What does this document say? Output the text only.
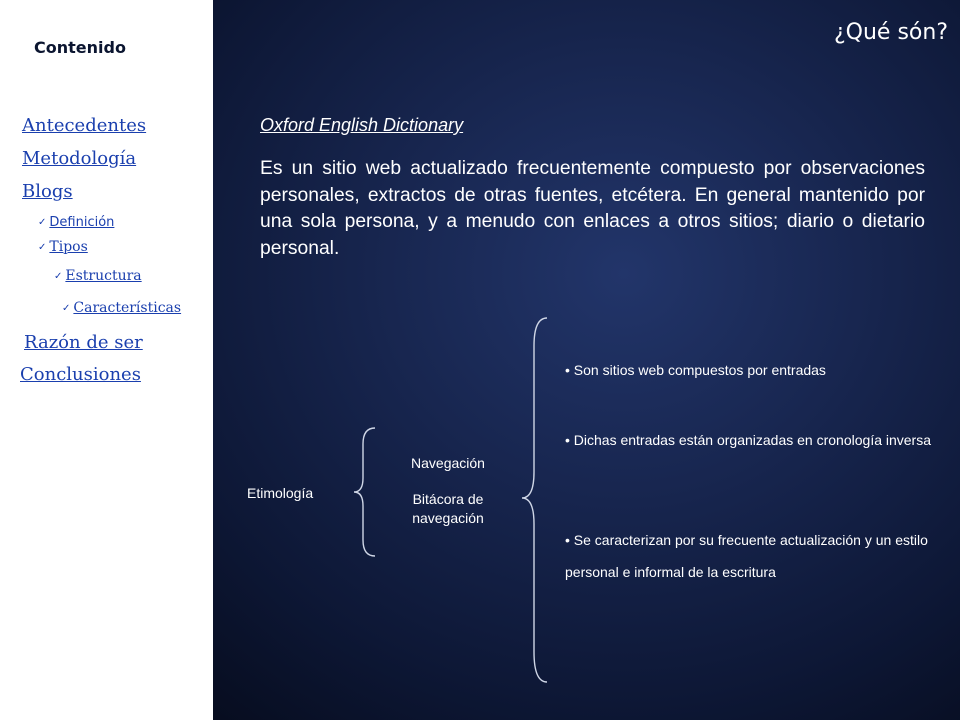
Contenido
Antecedentes
Metodología
Blogs
✓ Definición
✓ Tipos
✓ Estructura
✓ Características
Razón de ser
Conclusiones
¿Qué són?
Oxford English Dictionary
Es un sitio web actualizado frecuentemente compuesto por observaciones personales, extractos de otras fuentes, etcétera. En general mantenido por una sola persona, y a menudo con enlaces a otros sitios; diario o dietario personal.
Etimología
Navegación
Bitácora de navegación
• Son sitios web compuestos por entradas
• Dichas entradas están organizadas en cronología inversa
• Se caracterizan por su frecuente actualización y un estilo personal e informal de la escritura
